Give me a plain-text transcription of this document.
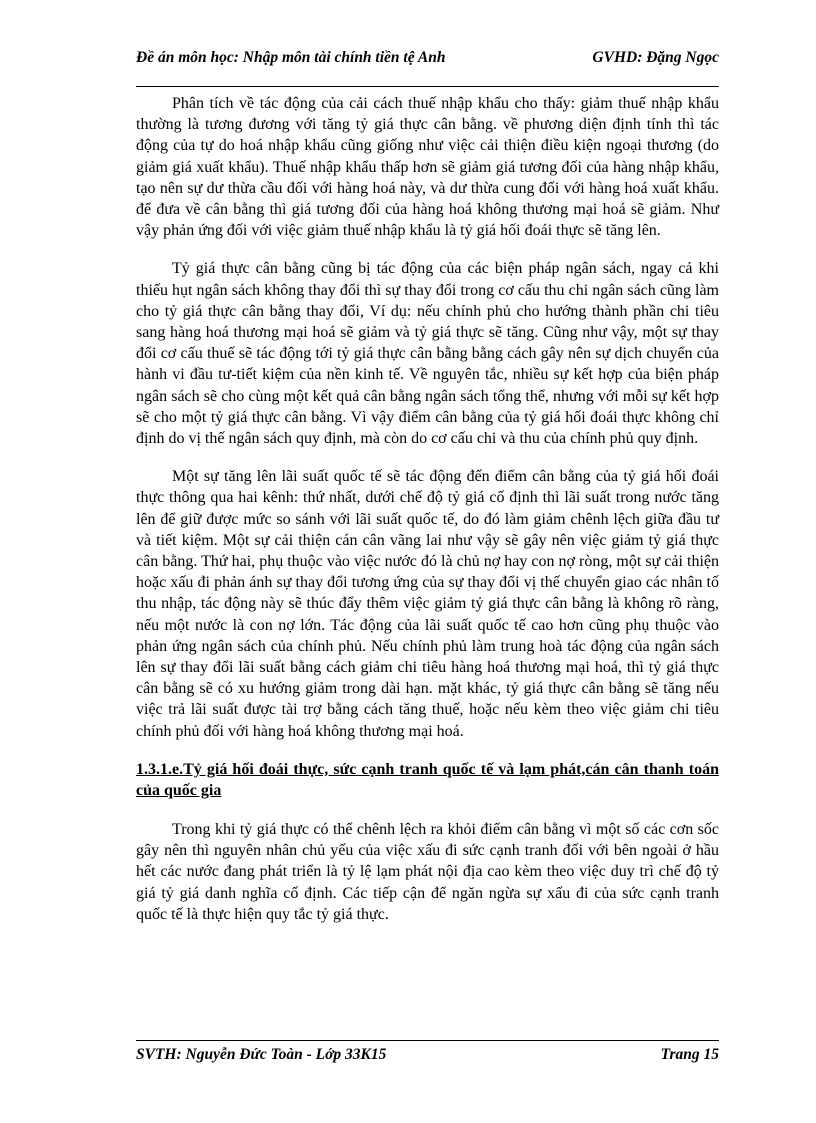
Đề án môn học: Nhập môn tài chính tiền tệ Anh	GVHD: Đặng Ngọc

Phân tích về tác động của cải cách thuế nhập khẩu cho thấy: giảm thuế nhập khẩu thường là tương đương với tăng tỷ giá thực cân bằng. về phương diện định tính thì tác động của tự do hoá nhập khẩu cũng giống như việc cải thiện điều kiện ngoại thương (do giảm giá xuất khẩu). Thuế nhập khẩu thấp hơn sẽ giảm giá tương đối của hàng nhập khẩu, tạo nên sự dư thừa cầu đối với hàng hoá này, và dư thừa cung đối với hàng hoá xuất khẩu. để đưa về cân bằng thì giá tương đối của hàng hoá không thương mại hoá sẽ giảm. Như vậy phản ứng đối với việc giảm thuế nhập khẩu là tỷ giá hối đoái thực sẽ tăng lên.

Tỷ giá thực cân bằng cũng bị tác động của các biện pháp ngân sách, ngay cả khi thiếu hụt ngân sách không thay đổi thì sự thay đổi trong cơ cấu thu chi ngân sách cũng làm cho tỷ giá thực cân bằng thay đổi, Ví dụ: nếu chính phủ cho hướng thành phần chi tiêu sang hàng hoá thương mại hoá sẽ giảm và tỷ giá thực sẽ tăng. Cũng như vậy, một sự thay đổi cơ cấu thuế sẽ tác động tới tỷ giá thực cân bằng bằng cách gây nên sự dịch chuyển của hành vi đầu tư-tiết kiệm của nền kinh tế. Về nguyên tắc, nhiều sự kết hợp của biện pháp ngân sách sẽ cho cùng một kết quả cân bằng ngân sách tổng thể, nhưng với mỗi sự kết hợp sẽ cho một tỷ giá thực cân bằng. Vì vậy điểm cân bằng của tỷ giá hối đoái thực không chỉ định do vị thế ngân sách quy định, mà còn do cơ cấu chi và thu của chính phủ quy định.

Một sự tăng lên lãi suất quốc tế sẽ tác động đến điểm cân bằng của tỷ giá hối đoái thực thông qua hai kênh: thứ nhất, dưới chế độ tỷ giá cố định thì lãi suất trong nước tăng lên để giữ được mức so sánh với lãi suất quốc tế, do đó làm giảm chênh lệch giữa đầu tư và tiết kiệm. Một sự cải thiện cán cân vãng lai như vậy sẽ gây nên việc giảm tỷ giá thực cân bằng. Thứ hai, phụ thuộc vào việc nước đó là chủ nợ hay con nợ ròng, một sự cải thiện hoặc xấu đi phản ánh sự thay đổi tương ứng của sự thay đổi vị thế chuyển giao các nhân tố thu nhập, tác động này sẽ thúc đẩy thêm việc giảm tỷ giá thực cân bằng là không rõ ràng, nếu một nước là con nợ lớn. Tác động của lãi suất quốc tế cao hơn cũng phụ thuộc vào phản ứng ngân sách của chính phủ. Nếu chính phủ làm trung hoà tác động của ngân sách lên sự thay đổi lãi suất bằng cách giảm chi tiêu hàng hoá thương mại hoá, thì tỷ giá thực cân bằng sẽ có xu hướng giảm trong dài hạn. mặt khác, tỷ giá thực cân bằng sẽ tăng nếu việc trả lãi suất được tài trợ bằng cách tăng thuế, hoặc nếu kèm theo việc giảm chi tiêu chính phủ đối với hàng hoá không thương mại hoá.

1.3.1.e.Tỷ giá hối đoái thực, sức cạnh tranh quốc tế và lạm phát,cán cân thanh toán của quốc gia

Trong khi tỷ giá thực có thể chênh lệch ra khỏi điểm cân bằng vì một số các cơn sốc gây nên thì nguyên nhân chủ yếu của việc xấu đi sức cạnh tranh đối với bên ngoài ở hầu hết các nước đang phát triển là tỷ lệ lạm phát nội địa cao kèm theo việc duy trì chế độ tỷ giá tỷ giá danh nghĩa cố định. Các tiếp cận để ngăn ngừa sự xấu đi của sức cạnh tranh quốc tế là thực hiện quy tắc tỷ giá thực.

SVTH: Nguyễn Đức Toàn - Lớp 33K15	Trang 15
